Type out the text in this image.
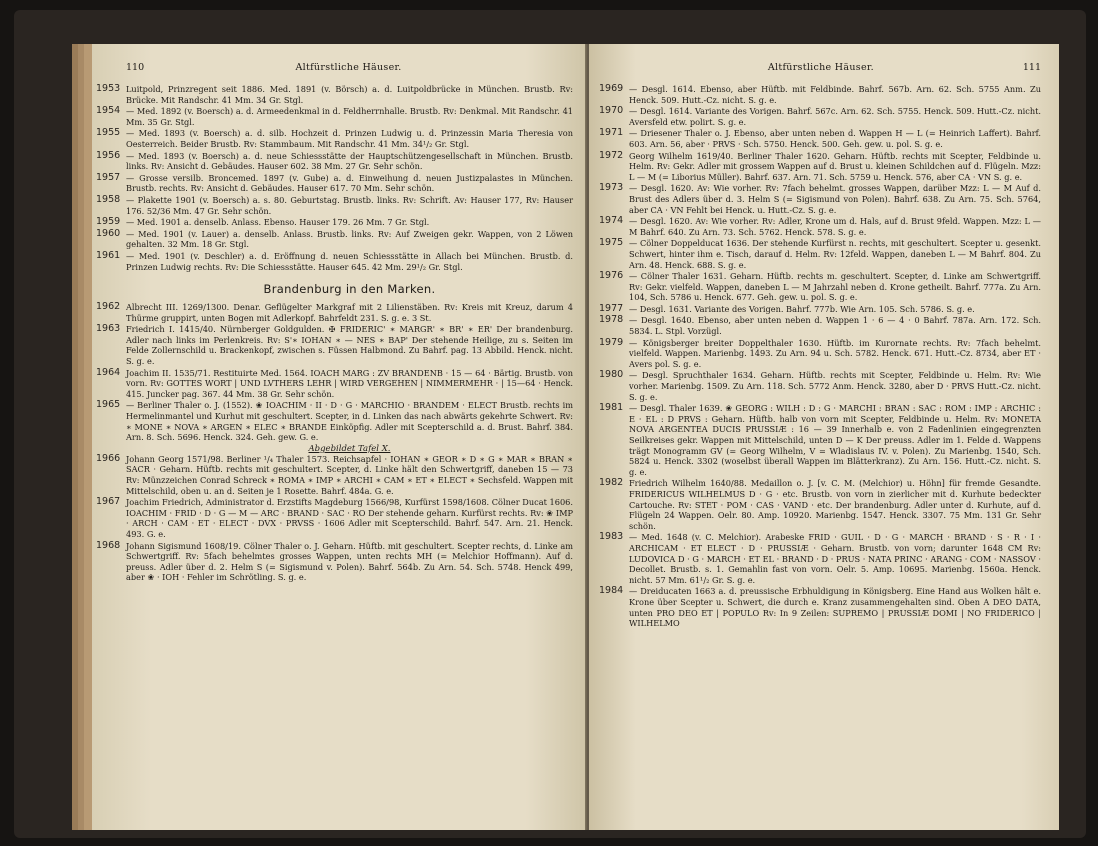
110	Altfürstliche Häuser.
1953 Luitpold, Prinzregent seit 1886. Med. 1891 (v. Börsch) a. d. Luitpoldbrücke in München. Brustb. Rv: Brücke. Mit Randschr. 41 Mm. 34 Gr. Stgl.
1954 — Med. 1892 (v. Boersch) a. d. Armeedenkmal in d. Feldherrnhalle. Brustb. Rv: Denkmal. Mit Randschr. 41 Mm. 35 Gr. Stgl.
1955 — Med. 1893 (v. Boersch) a. d. silb. Hochzeit d. Prinzen Ludwig u. d. Prinzessin Maria Theresia von Oesterreich. Beider Brustb. Rv: Stammbaum. Mit Randschr. 41 Mm. 34¹/₂ Gr. Stgl.
1956 — Med. 1893 (v. Boersch) a. d. neue Schiessstätte der Hauptschützengesellschaft in München. Brustb. links. Rv: Ansicht d. Gebäudes. Hauser 602. 38 Mm. 27 Gr. Sehr schön.
1957 — Grosse versilb. Broncemed. 1897 (v. Gube) a. d. Einweihung d. neuen Justizpalastes in München. Brustb. rechts. Rv: Ansicht d. Gebäudes. Hauser 617. 70 Mm. Sehr schön.
1958 — Plakette 1901 (v. Boersch) a. s. 80. Geburtstag. Brustb. links. Rv: Schrift. Av: Hauser 177, Rv: Hauser 176. 52/36 Mm. 47 Gr. Sehr schön.
1959 — Med. 1901 a. denselb. Anlass. Ebenso. Hauser 179. 26 Mm. 7 Gr. Stgl.
1960 — Med. 1901 (v. Lauer) a. denselb. Anlass. Brustb. links. Rv: Auf Zweigen gekr. Wappen, von 2 Löwen gehalten. 32 Mm. 18 Gr. Stgl.
1961 — Med. 1901 (v. Deschler) a. d. Eröffnung d. neuen Schiessstätte in Allach bei München. Brustb. d. Prinzen Ludwig rechts. Rv: Die Schiessstätte. Hauser 645. 42 Mm. 29¹/₂ Gr. Stgl.
Brandenburg in den Marken.
1962 Albrecht III. 1269/1300. Denar. Geflügelter Markgraf mit 2 Lilienstäben. Rv: Kreis mit Kreuz, darum 4 Thürme gruppirt, unten Bogen mit Adlerkopf. Bahrfeldt 231. S. g. e. 3 St.
1963 Friedrich I. 1415/40. Nürnberger Goldgulden. ✠ FRIDERIC' ∗ MARGR' ∗ BR' ∗ ER' Der brandenburg. Adler nach links im Perlenkreis. Rv: S'∗ IOHAN ∗ — NES ∗ BAP' Der stehende Heilige, zu s. Seiten im Felde Zollernschild u. Brackenkopf, zwischen s. Füssen Halbmond. Zu Bahrf. pag. 13 Abbild. Henck. nicht. S. g. e.
1964 Joachim II. 1535/71. Restituirte Med. 1564. IOACH MARG : ZV BRANDENB · 15 — 64 · Bärtig. Brustb. von vorn. Rv: GOTTES WORT | UND LVTHERS LEHR | WIRD VERGEHEN | NIMMERMEHR · | 15—64 · Henck. 415. Juncker pag. 367. 44 Mm. 38 Gr. Sehr schön.
1965 — Berliner Thaler o. J. (1552). ❀ IOACHIM · II · D · G · MARCHIO · BRANDEM · ELECT Brustb. rechts im Hermelinmantel und Kurhut mit geschultert. Scepter, in d. Linken das nach abwärts gekehrte Schwert. Rv: ∗ MONE ∗ NOVA ∗ ARGEN ∗ ELEC ∗ BRANDE Einköpfig. Adler mit Scepterschild a. d. Brust. Bahrf. 384. Arn. 8. Sch. 5696. Henck. 324. Geh. gew. G. e.
Abgebildet Tafel X.
1966 Johann Georg 1571/98. Berliner ¹/₄ Thaler 1573. Reichsapfel · IOHAN ∗ GEOR ∗ D ∗ G ∗ MAR ∗ BRAN ∗ SACR · Geharn. Hüftb. rechts mit geschultert. Scepter, d. Linke hält den Schwertgriff, daneben 15 — 73 Rv: Münzzeichen Conrad Schreck ∗ ROMA ∗ IMP ∗ ARCHI ∗ CAM ∗ ET ∗ ELECT ∗ Sechsfeld. Wappen mit Mittelschild, oben u. an d. Seiten je 1 Rosette. Bahrf. 484a. G. e.
1967 Joachim Friedrich, Administrator d. Erzstifts Magdeburg 1566/98, Kurfürst 1598/1608. Cölner Ducat 1606. IOACHIM · FRID · D · G — M — ARC · BRAND · SAC · RO Der stehende geharn. Kurfürst rechts. Rv: ❀ IMP · ARCH · CAM · ET · ELECT · DVX · PRVSS · 1606 Adler mit Scepterschild. Bahrf. 547. Arn. 21. Henck. 493. G. e.
1968 Johann Sigismund 1608/19. Cölner Thaler o. J. Geharn. Hüftb. mit geschultert. Scepter rechts, d. Linke am Schwertgriff. Rv: 5fach behelmtes grosses Wappen, unten rechts MH (= Melchior Hoffmann). Auf d. preuss. Adler über d. 2. Helm S (= Sigismund v. Polen). Bahrf. 564b. Zu Arn. 54. Sch. 5748. Henck 499, aber ❀ · IOH · Fehler im Schrötling. S. g. e.
Altfürstliche Häuser.	111
1969 — Desgl. 1614. Ebenso, aber Hüftb. mit Feldbinde. Bahrf. 567b. Arn. 62. Sch. 5755 Anm. Zu Henck. 509. Hutt.-Cz. nicht. S. g. e.
1970 — Desgl. 1614. Variante des Vorigen. Bahrf. 567c. Arn. 62. Sch. 5755. Henck. 509. Hutt.-Cz. nicht. Aversfeld etw. polirt. S. g. e.
1971 — Driesener Thaler o. J. Ebenso, aber unten neben d. Wappen H — L (= Heinrich Laffert). Bahrf. 603. Arn. 56, aber · PRVS · Sch. 5750. Henck. 500. Geh. gew. u. pol. S. g. e.
1972 Georg Wilhelm 1619/40. Berliner Thaler 1620. Geharn. Hüftb. rechts mit Scepter, Feldbinde u. Helm. Rv: Gekr. Adler mit grossem Wappen auf d. Brust u. kleinen Schildchen auf d. Flügeln. Mzz: L — M (= Liborius Müller). Bahrf. 637. Arn. 71. Sch. 5759 u. Henck. 576, aber CA · VN S. g. e.
1973 — Desgl. 1620. Av: Wie vorher. Rv: 7fach behelmt. grosses Wappen, darüber Mzz: L — M Auf d. Brust des Adlers über d. 3. Helm S (= Sigismund von Polen). Bahrf. 638. Zu Arn. 75. Sch. 5764, aber CA · VN Fehlt bei Henck. u. Hutt.-Cz. S. g. e.
1974 — Desgl. 1620. Av: Wie vorher. Rv: Adler, Krone um d. Hals, auf d. Brust 9feld. Wappen. Mzz: L — M Bahrf. 640. Zu Arn. 73. Sch. 5762. Henck. 578. S. g. e.
1975 — Cölner Doppelducat 1636. Der stehende Kurfürst n. rechts, mit geschultert. Scepter u. gesenkt. Schwert, hinter ihm e. Tisch, darauf d. Helm. Rv: 12feld. Wappen, daneben L — M Bahrf. 804. Zu Arn. 48. Henck. 688. S. g. e.
1976 — Cölner Thaler 1631. Geharn. Hüftb. rechts m. geschultert. Scepter, d. Linke am Schwertgriff. Rv: Gekr. vielfeld. Wappen, daneben L — M Jahrzahl neben d. Krone getheilt. Bahrf. 777a. Zu Arn. 104, Sch. 5786 u. Henck. 677. Geh. gew. u. pol. S. g. e.
1977 — Desgl. 1631. Variante des Vorigen. Bahrf. 777b. Wie Arn. 105. Sch. 5786. S. g. e.
1978 — Desgl. 1640. Ebenso, aber unten neben d. Wappen 1 · 6 — 4 · 0 Bahrf. 787a. Arn. 172. Sch. 5834. L. Stpl. Vorzügl.
1979 — Königsberger breiter Doppelthaler 1630. Hüftb. im Kurornate rechts. Rv: 7fach behelmt. vielfeld. Wappen. Marienbg. 1493. Zu Arn. 94 u. Sch. 5782. Henck. 671. Hutt.-Cz. 8734, aber ET · Avers pol. S. g. e.
1980 — Desgl. Spruchthaler 1634. Geharn. Hüftb. rechts mit Scepter, Feldbinde u. Helm. Rv: Wie vorher. Marienbg. 1509. Zu Arn. 118. Sch. 5772 Anm. Henck. 3280, aber D · PRVS Hutt.-Cz. nicht. S. g. e.
1981 — Desgl. Thaler 1639. ❀ GEORG : WILH : D : G · MARCHI : BRAN : SAC : ROM : IMP : ARCHIC : E · EL : D PRVS : Geharn. Hüftb. halb von vorn mit Scepter, Feldbinde u. Helm. Rv: MONETA NOVA ARGENTEA DUCIS PRUSSIÆ : 16 — 39 Innerhalb e. von 2 Fadenlinien eingegrenzten Seilkreises gekr. Wappen mit Mittelschild, unten D — K Der preuss. Adler im 1. Felde d. Wappens trägt Monogramm GV (= Georg Wilhelm, V = Wladislaus IV. v. Polen). Zu Marienbg. 1540, Sch. 5824 u. Henck. 3302 (woselbst überall Wappen im Blätterkranz). Zu Arn. 156. Hutt.-Cz. nicht. S. g. e.
1982 Friedrich Wilhelm 1640/88. Medaillon o. J. [v. C. M. (Melchior) u. Höhn] für fremde Gesandte. FRIDERICUS WILHELMUS D · G · etc. Brustb. von vorn in zierlicher mit d. Kurhute bedeckter Cartouche. Rv: STET · POM · CAS · VAND · etc. Der brandenburg. Adler unter d. Kurhute, auf d. Flügeln 24 Wappen. Oelr. 80. Amp. 10920. Marienbg. 1547. Henck. 3307. 75 Mm. 131 Gr. Sehr schön.
1983 — Med. 1648 (v. C. Melchior). Arabeske FRID · GUIL · D · G · MARCH · BRAND · S · R · I · ARCHICAM · ET ELECT · D · PRUSSIÆ · Geharn. Brustb. von vorn; darunter 1648 CM Rv: LUDOVICA D · G · MARCH · ET EL · BRAND · D · PRUS · NATA PRINC · ARANG · COM · NASSOV · Decollet. Brustb. s. 1. Gemahlin fast von vorn. Oelr. 5. Amp. 10695. Marienbg. 1560a. Henck. nicht. 57 Mm. 61¹/₂ Gr. S. g. e.
1984 — Dreiducaten 1663 a. d. preussische Erbhuldigung in Königsberg. Eine Hand aus Wolken hält e. Krone über Scepter u. Schwert, die durch e. Kranz zusammengehalten sind. Oben A DEO DATA, unten PRO DEO ET | POPULO Rv: In 9 Zeilen: SUPREMO | PRUSSIÆ DOMI | NO FRIDERICO | WILHELMO
